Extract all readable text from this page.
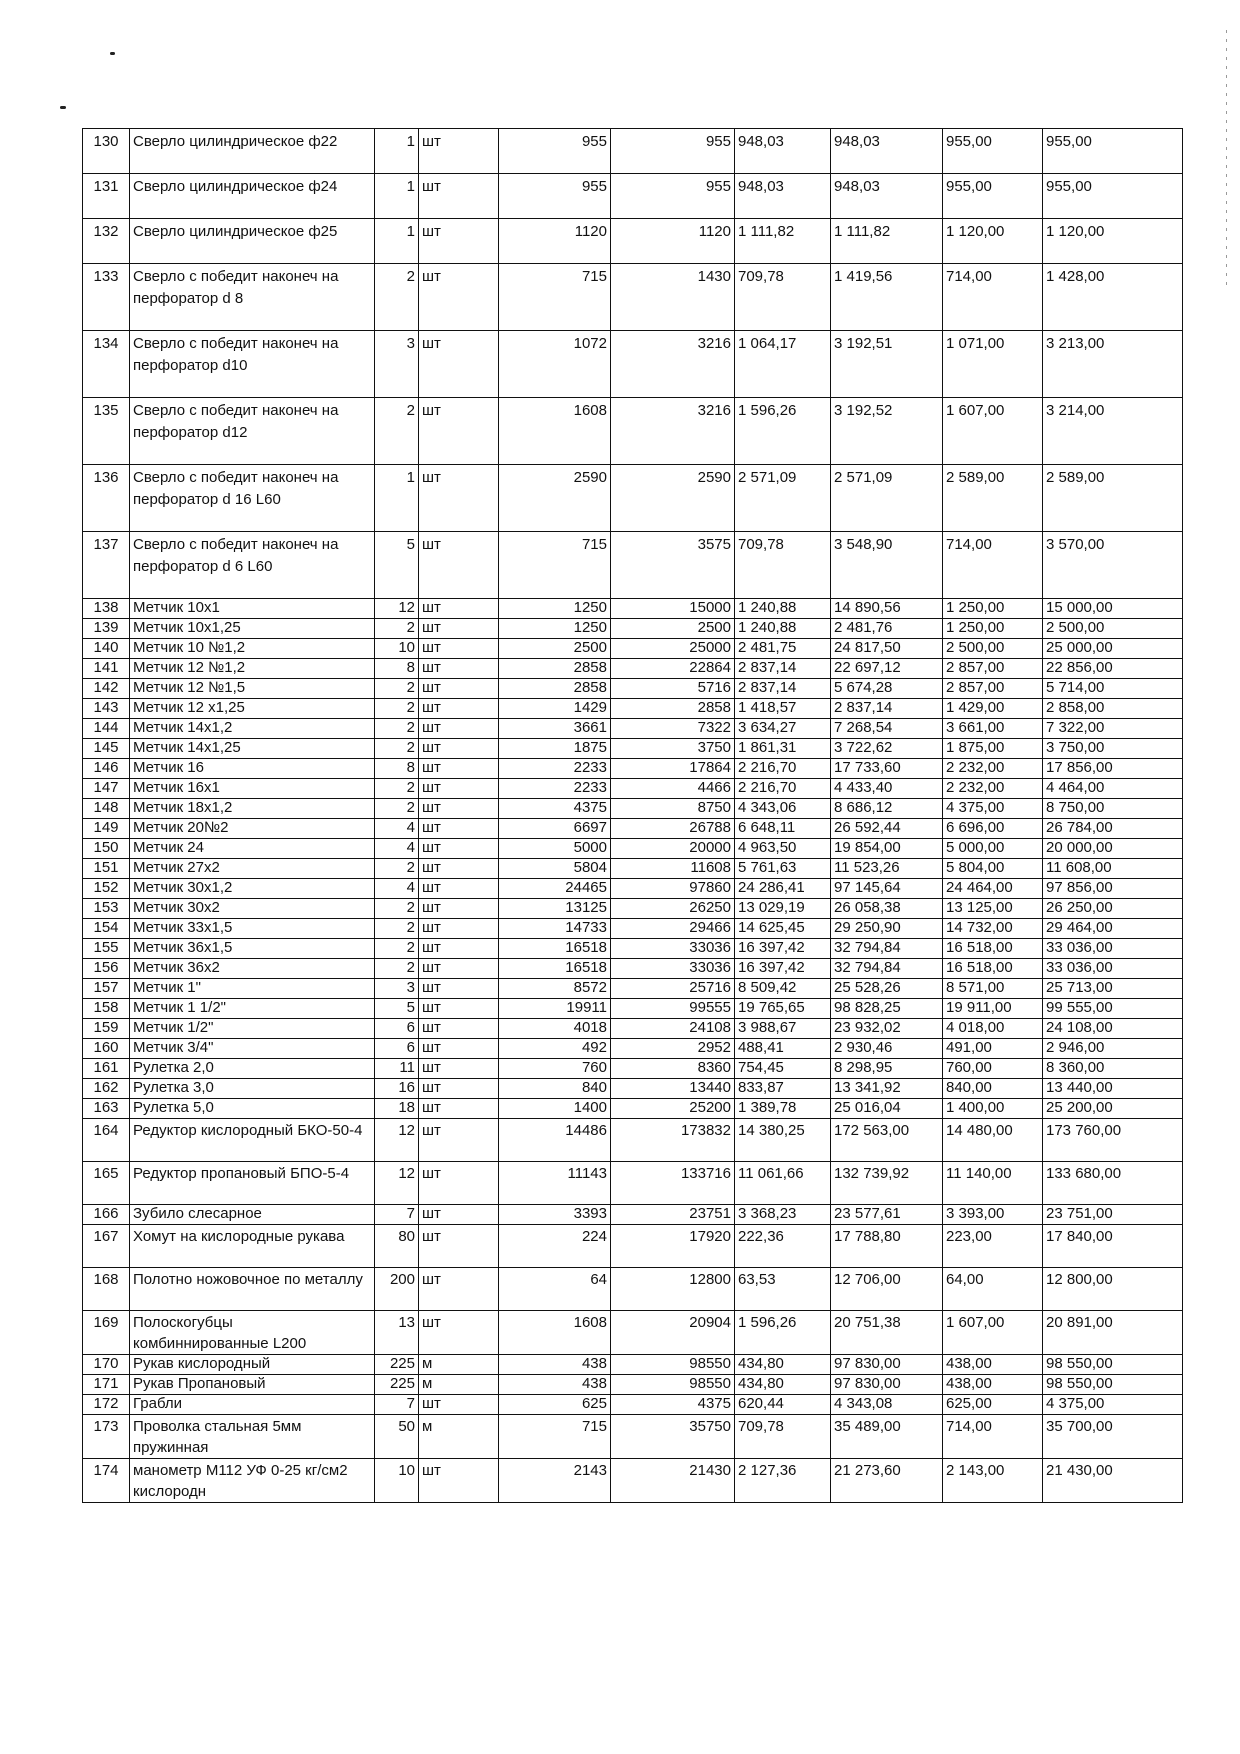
130	Сверло цилиндрическое ф22	1	шт	955	955	948,03	948,03	955,00	955,00
131	Сверло цилиндрическое ф24	1	шт	955	955	948,03	948,03	955,00	955,00
132	Сверло цилиндрическое ф25	1	шт	1120	1120	1 111,82	1 111,82	1 120,00	1 120,00
133	Сверло с победит наконеч на перфоратор d 8	2	шт	715	1430	709,78	1 419,56	714,00	1 428,00
134	Сверло с победит наконеч на перфоратор d10	3	шт	1072	3216	1 064,17	3 192,51	1 071,00	3 213,00
135	Сверло с победит наконеч на перфоратор d12	2	шт	1608	3216	1 596,26	3 192,52	1 607,00	3 214,00
136	Сверло с победит наконеч на перфоратор d 16 L60	1	шт	2590	2590	2 571,09	2 571,09	2 589,00	2 589,00
137	Сверло с победит наконеч на перфоратор d 6 L60	5	шт	715	3575	709,78	3 548,90	714,00	3 570,00
138	Метчик 10х1	12	шт	1250	15000	1 240,88	14 890,56	1 250,00	15 000,00
139	Метчик 10х1,25	2	шт	1250	2500	1 240,88	2 481,76	1 250,00	2 500,00
140	Метчик 10 №1,2	10	шт	2500	25000	2 481,75	24 817,50	2 500,00	25 000,00
141	Метчик 12 №1,2	8	шт	2858	22864	2 837,14	22 697,12	2 857,00	22 856,00
142	Метчик 12 №1,5	2	шт	2858	5716	2 837,14	5 674,28	2 857,00	5 714,00
143	Метчик 12 х1,25	2	шт	1429	2858	1 418,57	2 837,14	1 429,00	2 858,00
144	Метчик 14х1,2	2	шт	3661	7322	3 634,27	7 268,54	3 661,00	7 322,00
145	Метчик 14х1,25	2	шт	1875	3750	1 861,31	3 722,62	1 875,00	3 750,00
146	Метчик 16	8	шт	2233	17864	2 216,70	17 733,60	2 232,00	17 856,00
147	Метчик 16х1	2	шт	2233	4466	2 216,70	4 433,40	2 232,00	4 464,00
148	Метчик 18х1,2	2	шт	4375	8750	4 343,06	8 686,12	4 375,00	8 750,00
149	Метчик 20№2	4	шт	6697	26788	6 648,11	26 592,44	6 696,00	26 784,00
150	Метчик 24	4	шт	5000	20000	4 963,50	19 854,00	5 000,00	20 000,00
151	Метчик 27х2	2	шт	5804	11608	5 761,63	11 523,26	5 804,00	11 608,00
152	Метчик 30х1,2	4	шт	24465	97860	24 286,41	97 145,64	24 464,00	97 856,00
153	Метчик 30х2	2	шт	13125	26250	13 029,19	26 058,38	13 125,00	26 250,00
154	Метчик 33х1,5	2	шт	14733	29466	14 625,45	29 250,90	14 732,00	29 464,00
155	Метчик 36х1,5	2	шт	16518	33036	16 397,42	32 794,84	16 518,00	33 036,00
156	Метчик 36х2	2	шт	16518	33036	16 397,42	32 794,84	16 518,00	33 036,00
157	Метчик 1"	3	шт	8572	25716	8 509,42	25 528,26	8 571,00	25 713,00
158	Метчик 1 1/2"	5	шт	19911	99555	19 765,65	98 828,25	19 911,00	99 555,00
159	Метчик 1/2"	6	шт	4018	24108	3 988,67	23 932,02	4 018,00	24 108,00
160	Метчик 3/4"	6	шт	492	2952	488,41	2 930,46	491,00	2 946,00
161	Рулетка 2,0	11	шт	760	8360	754,45	8 298,95	760,00	8 360,00
162	Рулетка 3,0	16	шт	840	13440	833,87	13 341,92	840,00	13 440,00
163	Рулетка 5,0	18	шт	1400	25200	1 389,78	25 016,04	1 400,00	25 200,00
164	Редуктор кислородный БКО-50-4	12	шт	14486	173832	14 380,25	172 563,00	14 480,00	173 760,00
165	Редуктор пропановый БПО-5-4	12	шт	11143	133716	11 061,66	132 739,92	11 140,00	133 680,00
166	Зубило слесарное	7	шт	3393	23751	3 368,23	23 577,61	3 393,00	23 751,00
167	Хомут на кислородные рукава	80	шт	224	17920	222,36	17 788,80	223,00	17 840,00
168	Полотно ножовочное по металлу	200	шт	64	12800	63,53	12 706,00	64,00	12 800,00
169	Полоскогубцы комбиннированные L200	13	шт	1608	20904	1 596,26	20 751,38	1 607,00	20 891,00
170	Рукав кислородный	225	м	438	98550	434,80	97 830,00	438,00	98 550,00
171	Рукав Пропановый	225	м	438	98550	434,80	97 830,00	438,00	98 550,00
172	Грабли	7	шт	625	4375	620,44	4 343,08	625,00	4 375,00
173	Проволка стальная 5мм пружинная	50	м	715	35750	709,78	35 489,00	714,00	35 700,00
174	манометр М112 УФ 0-25 кг/см2 кислородн	10	шт	2143	21430	2 127,36	21 273,60	2 143,00	21 430,00
